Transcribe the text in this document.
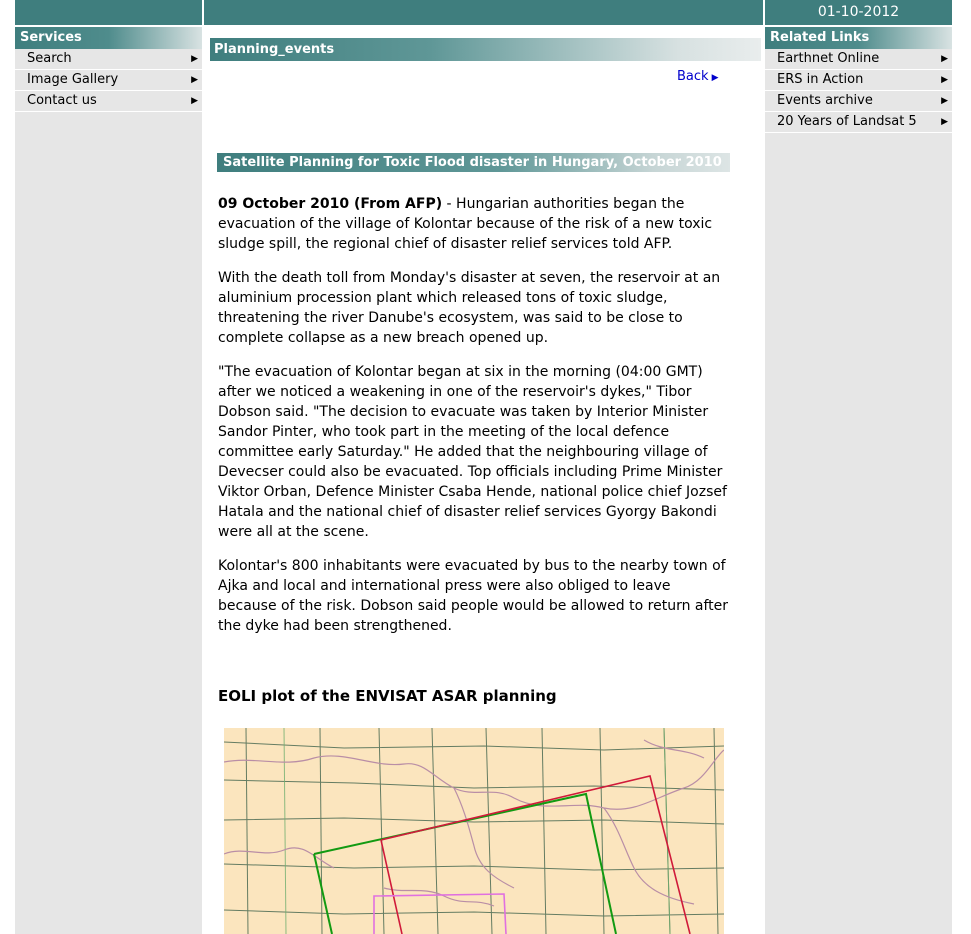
01-10-2012
Services
Search	▶
Image Gallery	▶
Contact us	▶
Planning_events
Back ▶
Satellite Planning for Toxic Flood disaster in Hungary, October 2010

09 October 2010 (From AFP) - Hungarian authorities began the evacuation of the village of Kolontar because of the risk of a new toxic sludge spill, the regional chief of disaster relief services told AFP.

With the death toll from Monday's disaster at seven, the reservoir at an aluminium procession plant which released tons of toxic sludge, threatening the river Danube's ecosystem, was said to be close to complete collapse as a new breach opened up.

"The evacuation of Kolontar began at six in the morning (04:00 GMT) after we noticed a weakening in one of the reservoir's dykes," Tibor Dobson said. "The decision to evacuate was taken by Interior Minister Sandor Pinter, who took part in the meeting of the local defence committee early Saturday." He added that the neighbouring village of Devecser could also be evacuated. Top officials including Prime Minister Viktor Orban, Defence Minister Csaba Hende, national police chief Jozsef Hatala and the national chief of disaster relief services Gyorgy Bakondi were all at the scene.

Kolontar's 800 inhabitants were evacuated by bus to the nearby town of Ajka and local and international press were also obliged to leave because of the risk. Dobson said people would be allowed to return after the dyke had been strengthened.

EOLI plot of the ENVISAT ASAR planning
Related Links
Earthnet Online	▶
ERS in Action	▶
Events archive	▶
20 Years of Landsat 5	▶
